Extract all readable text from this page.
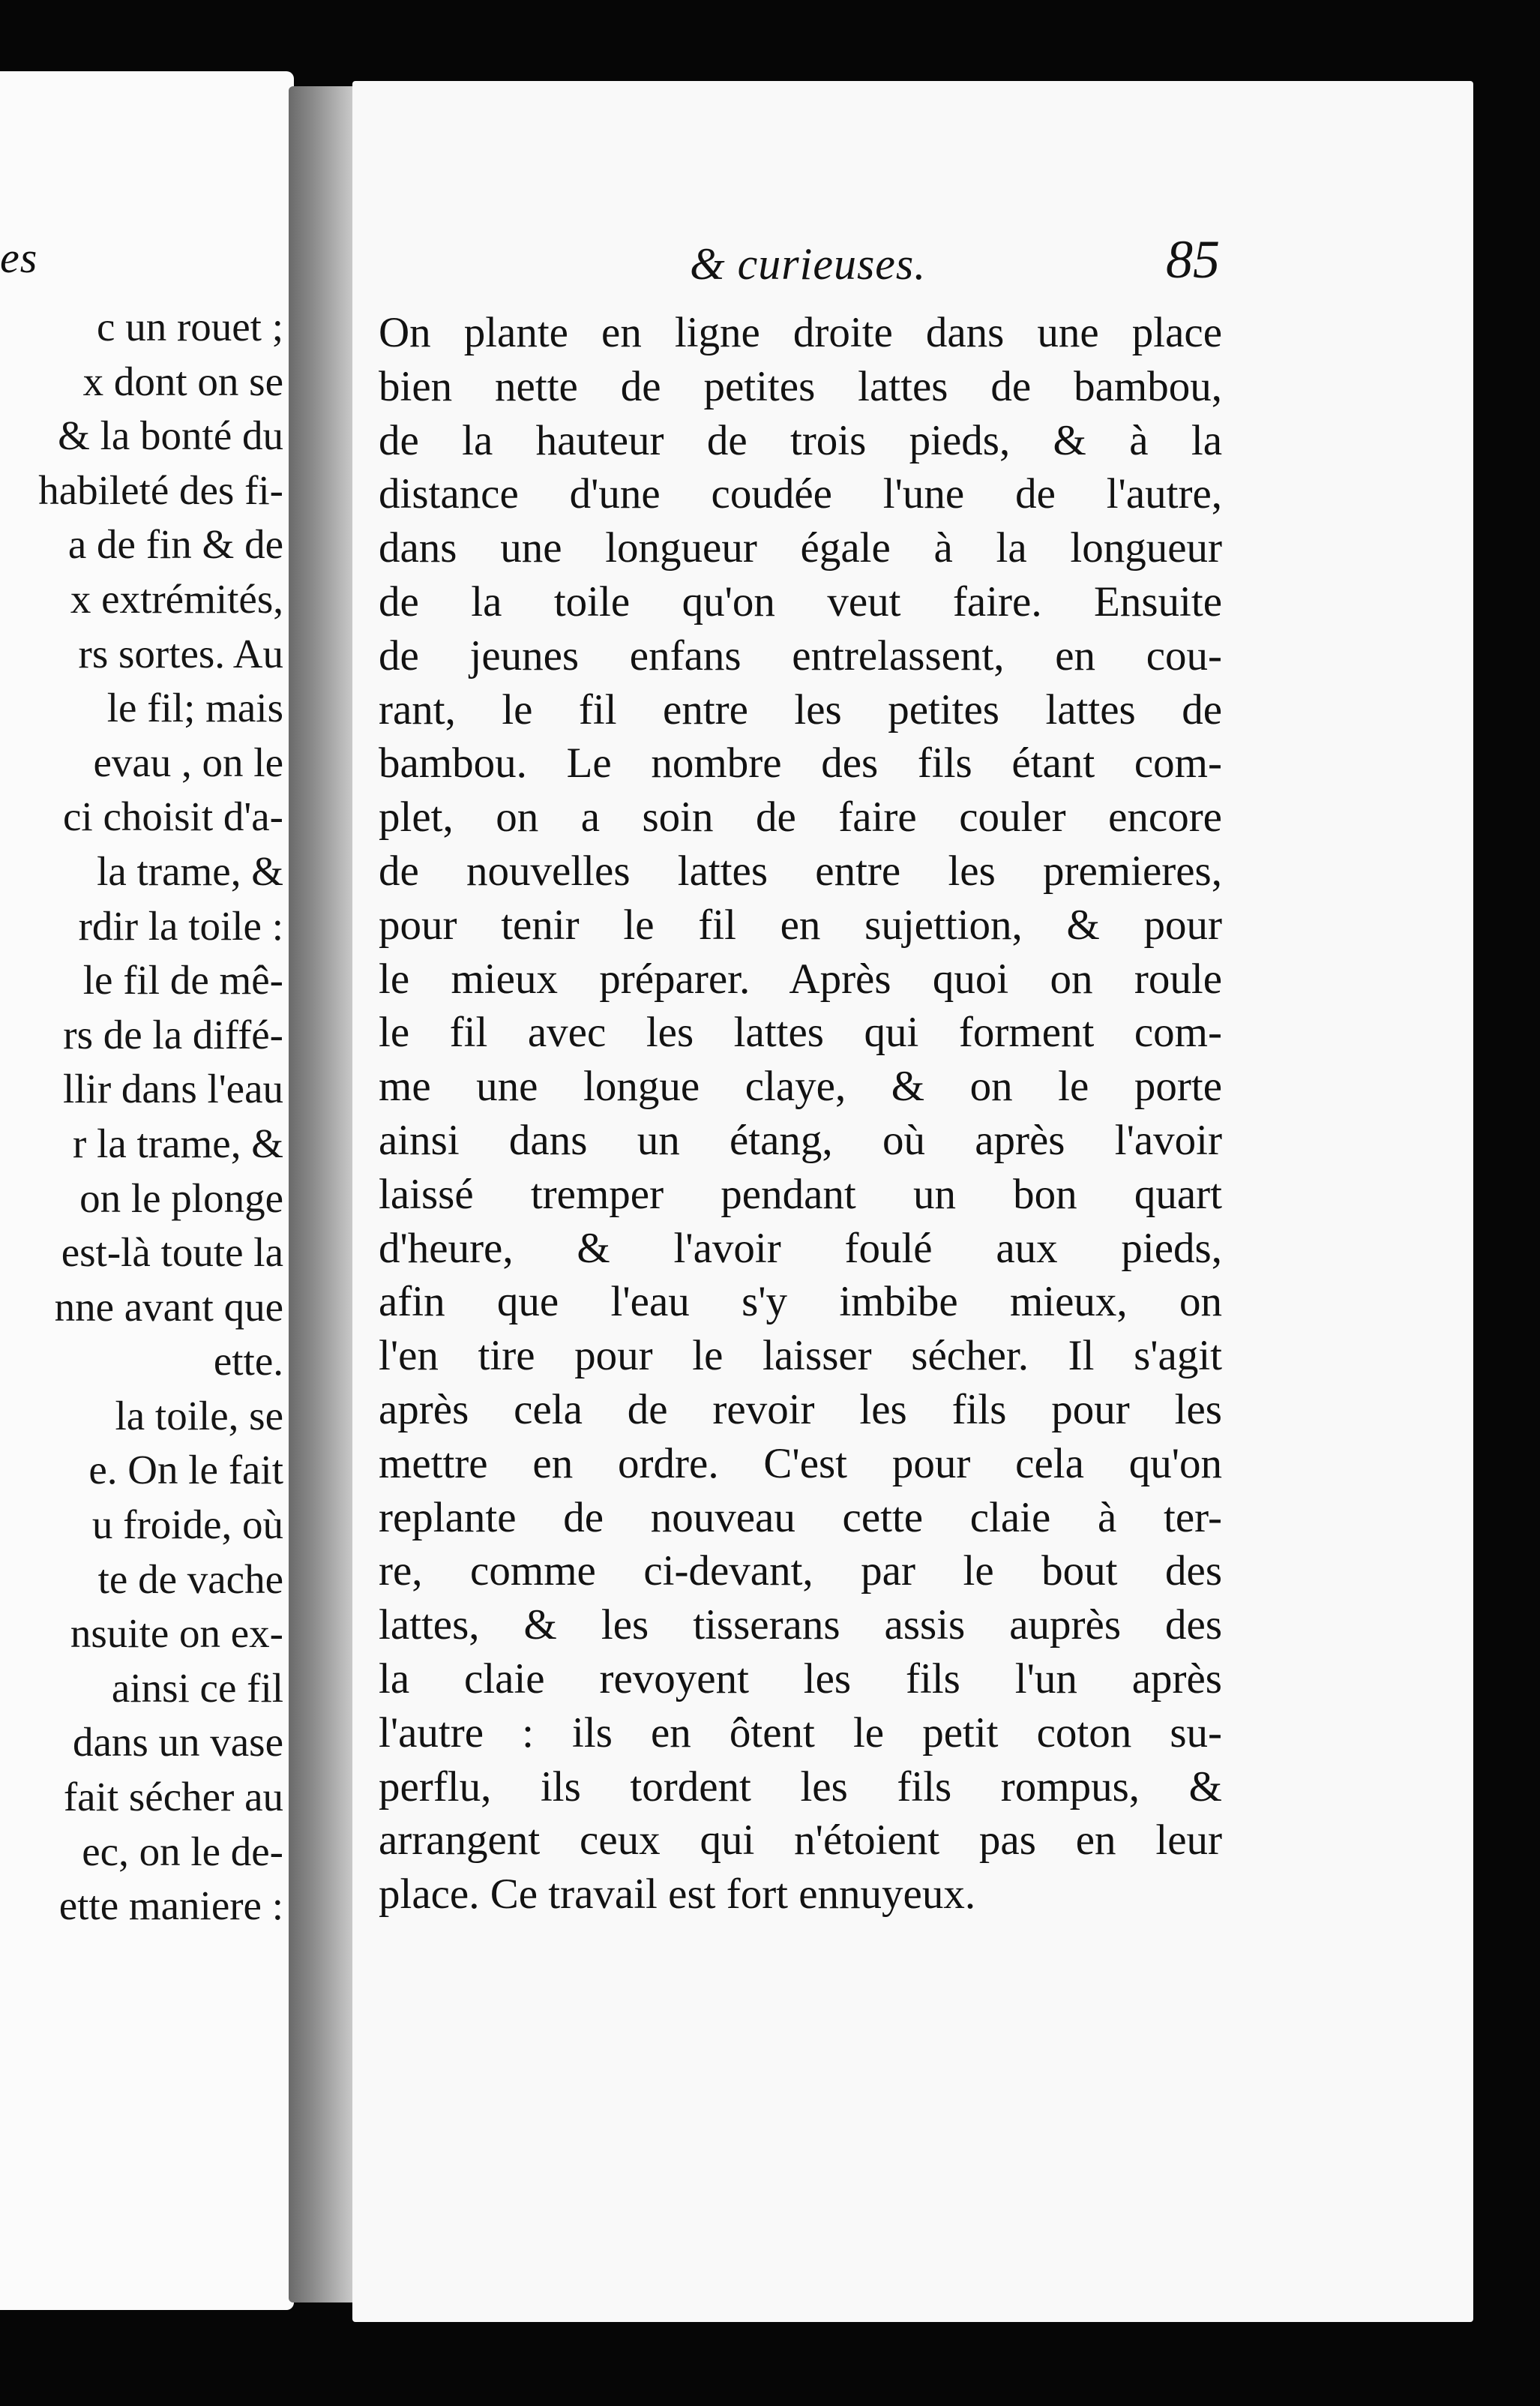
es
c un rouet ;
x dont on se
& la bonté du
habileté des fi-
a de fin & de
x extrémités,
rs sortes. Au
le fil; mais
evau , on le
ci choisit d'a-
la trame, &
rdir la toile :
le fil de mê-
rs de la diffé-
llir dans l'eau
r la trame, &
on le plonge
est-là toute la
nne avant que
ette.
la toile, se
e. On le fait
u froide, où
te de vache
nsuite on ex-
ainsi ce fil
dans un vase
fait sécher au
ec, on le de-
ette maniere :
& curieuses.	85
On plante en ligne droite dans une place
bien nette de petites lattes de bambou,
de la hauteur de trois pieds, & à la
distance d'une coudée l'une de l'autre,
dans une longueur égale à la longueur
de la toile qu'on veut faire. Ensuite
de jeunes enfans entrelassent, en cou-
rant, le fil entre les petites lattes de
bambou. Le nombre des fils étant com-
plet, on a soin de faire couler encore
de nouvelles lattes entre les premieres,
pour tenir le fil en sujettion, & pour
le mieux préparer. Après quoi on roule
le fil avec les lattes qui forment com-
me une longue claye, & on le porte
ainsi dans un étang, où après l'avoir
laissé tremper pendant un bon quart
d'heure, & l'avoir foulé aux pieds,
afin que l'eau s'y imbibe mieux, on
l'en tire pour le laisser sécher. Il s'agit
après cela de revoir les fils pour les
mettre en ordre. C'est pour cela qu'on
replante de nouveau cette claie à ter-
re, comme ci-devant, par le bout des
lattes, & les tisserans assis auprès des
la claie revoyent les fils l'un après
l'autre : ils en ôtent le petit coton su-
perflu, ils tordent les fils rompus, &
arrangent ceux qui n'étoient pas en leur
place. Ce travail est fort ennuyeux.
